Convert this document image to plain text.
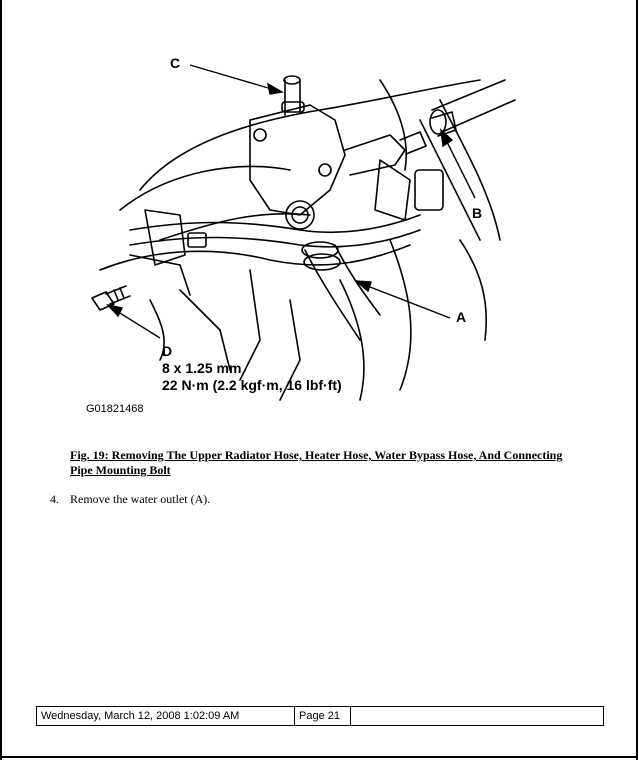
C
B
A
D
8 x 1.25 mm
22 N·m (2.2 kgf·m, 16 lbf·ft)
G01821468
Fig. 19: Removing The Upper Radiator Hose, Heater Hose, Water Bypass Hose, And Connecting
Pipe Mounting Bolt
4. Remove the water outlet (A).
Wednesday, March 12, 2008 1:02:09 AM	Page 21
